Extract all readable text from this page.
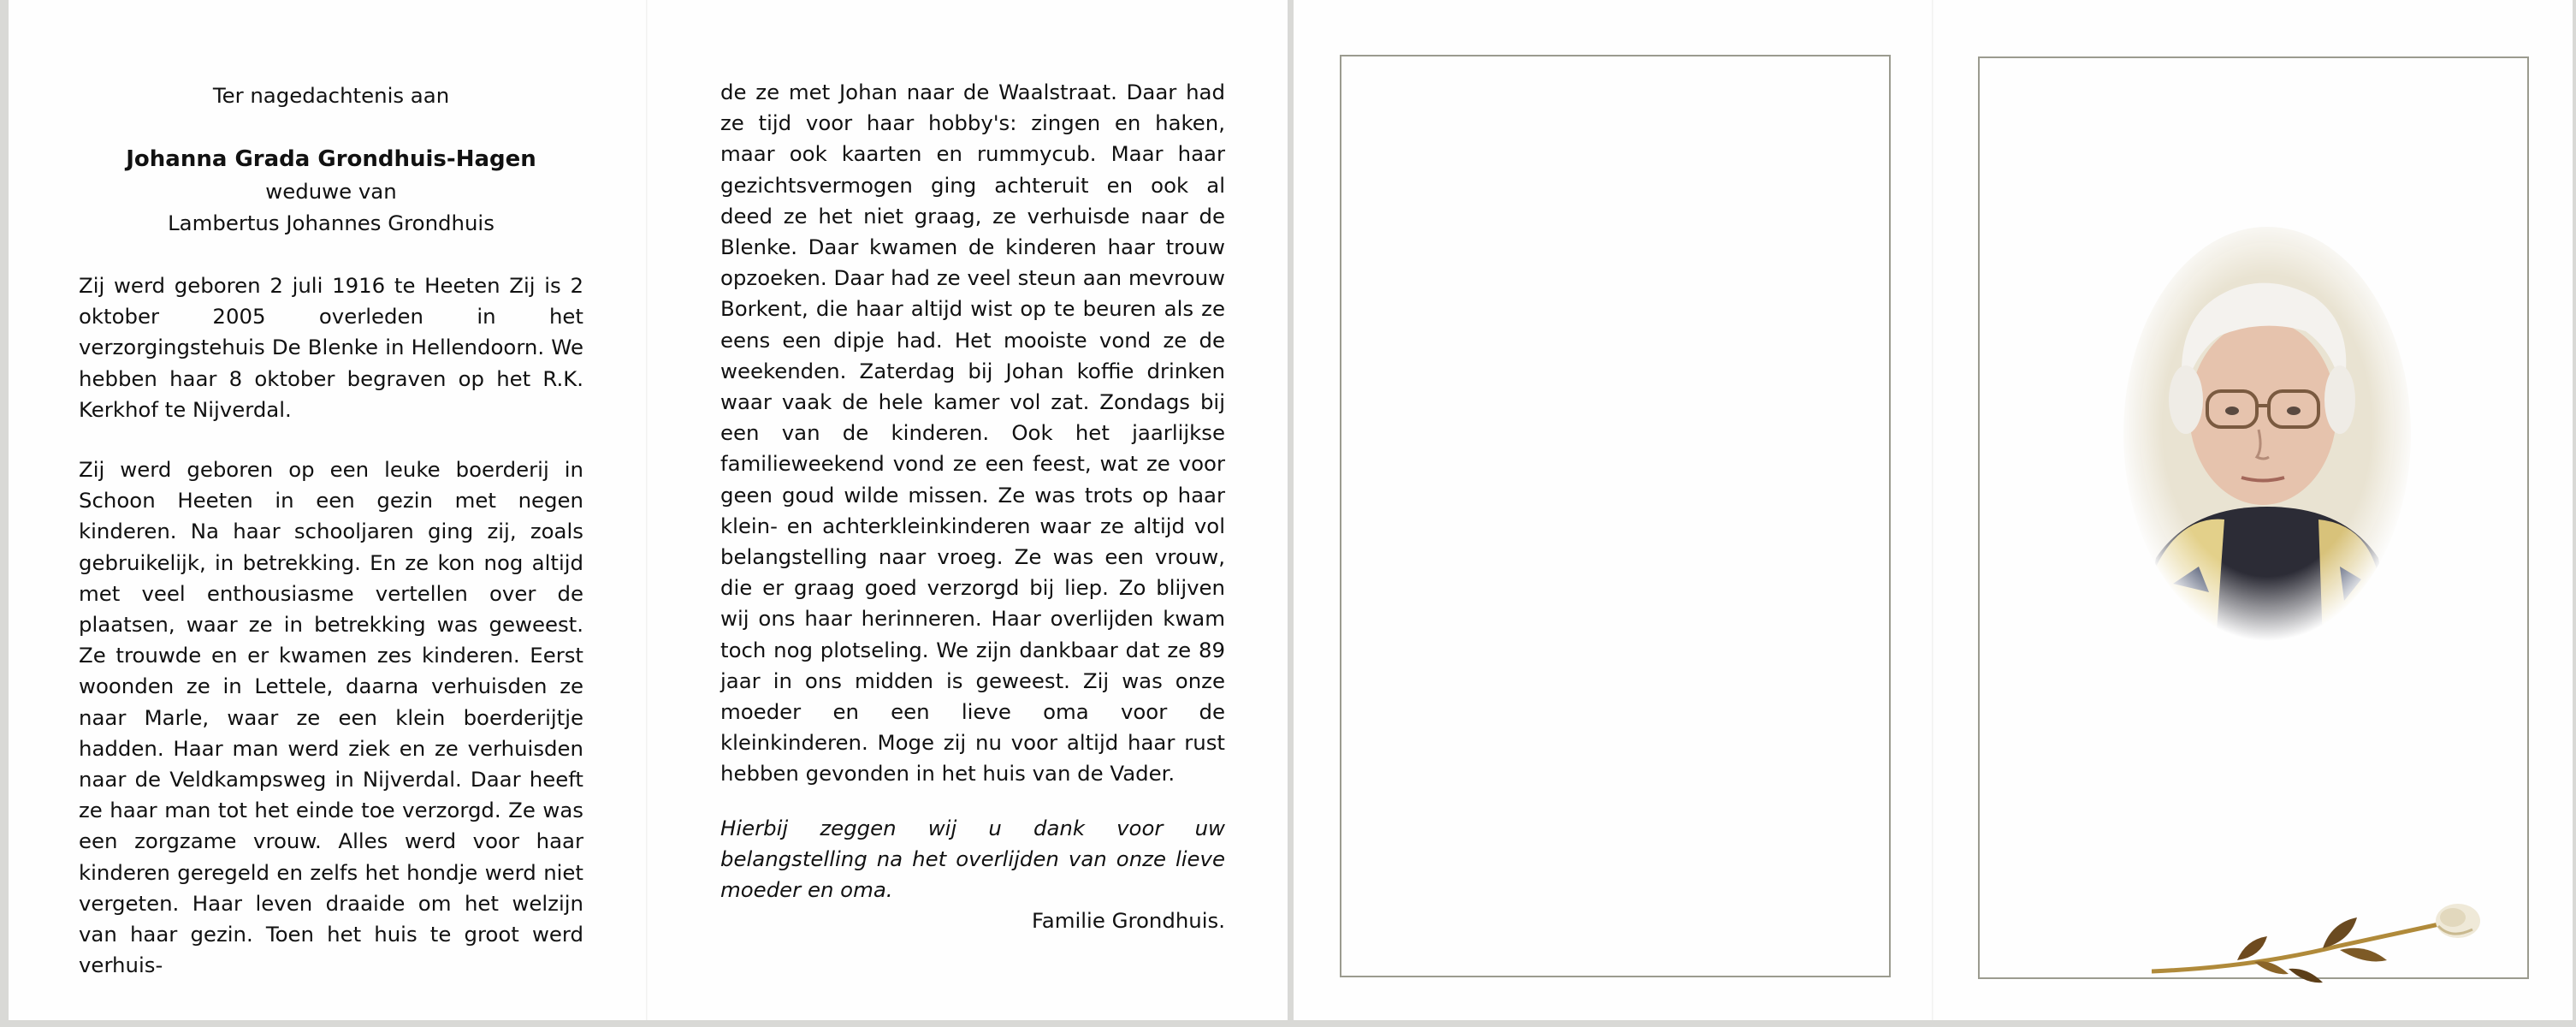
Ter nagedachtenis aan

Johanna Grada Grondhuis-Hagen

weduwe van

Lambertus Johannes Grondhuis

Zij werd geboren 2 juli 1916 te Heeten Zij is 2 oktober 2005 overleden in het verzorgingstehuis De Blenke in Hellendoorn. We hebben haar 8 oktober begraven op het R.K. Kerkhof te Nijverdal.

Zij werd geboren op een leuke boerderij in Schoon Heeten in een gezin met negen kinderen. Na haar schooljaren ging zij, zoals gebruikelijk, in betrekking. En ze kon nog altijd met veel enthousiasme vertellen over de plaatsen, waar ze in betrekking was geweest. Ze trouwde en er kwamen zes kinderen. Eerst woonden ze in Lettele, daarna verhuisden ze naar Marle, waar ze een klein boerderijtje hadden. Haar man werd ziek en ze verhuisden naar de Veldkampsweg in Nijverdal. Daar heeft ze haar man tot het einde toe verzorgd. Ze was een zorgzame vrouw. Alles werd voor haar kinderen geregeld en zelfs het hondje werd niet vergeten. Haar leven draaide om het welzijn van haar gezin. Toen het huis te groot werd verhuis-

de ze met Johan naar de Waalstraat. Daar had ze tijd voor haar hobby's: zingen en haken, maar ook kaarten en rummycub. Maar haar gezichtsvermogen ging achteruit en ook al deed ze het niet graag, ze verhuisde naar de Blenke. Daar kwamen de kinderen haar trouw opzoeken. Daar had ze veel steun aan mevrouw Borkent, die haar altijd wist op te beuren als ze eens een dipje had. Het mooiste vond ze de weekenden. Zaterdag bij Johan koffie drinken waar vaak de hele kamer vol zat. Zondags bij een van de kinderen. Ook het jaarlijkse familieweekend vond ze een feest, wat ze voor geen goud wilde missen. Ze was trots op haar klein- en achterkleinkinderen waar ze altijd vol belangstelling naar vroeg. Ze was een vrouw, die er graag goed verzorgd bij liep. Zo blijven wij ons haar herinneren. Haar overlijden kwam toch nog plotseling. We zijn dankbaar dat ze 89 jaar in ons midden is geweest. Zij was onze moeder en een lieve oma voor de kleinkinderen. Moge zij nu voor altijd haar rust hebben gevonden in het huis van de Vader.

Hierbij zeggen wij u dank voor uw belangstelling na het overlijden van onze lieve moeder en oma.

Familie Grondhuis.
